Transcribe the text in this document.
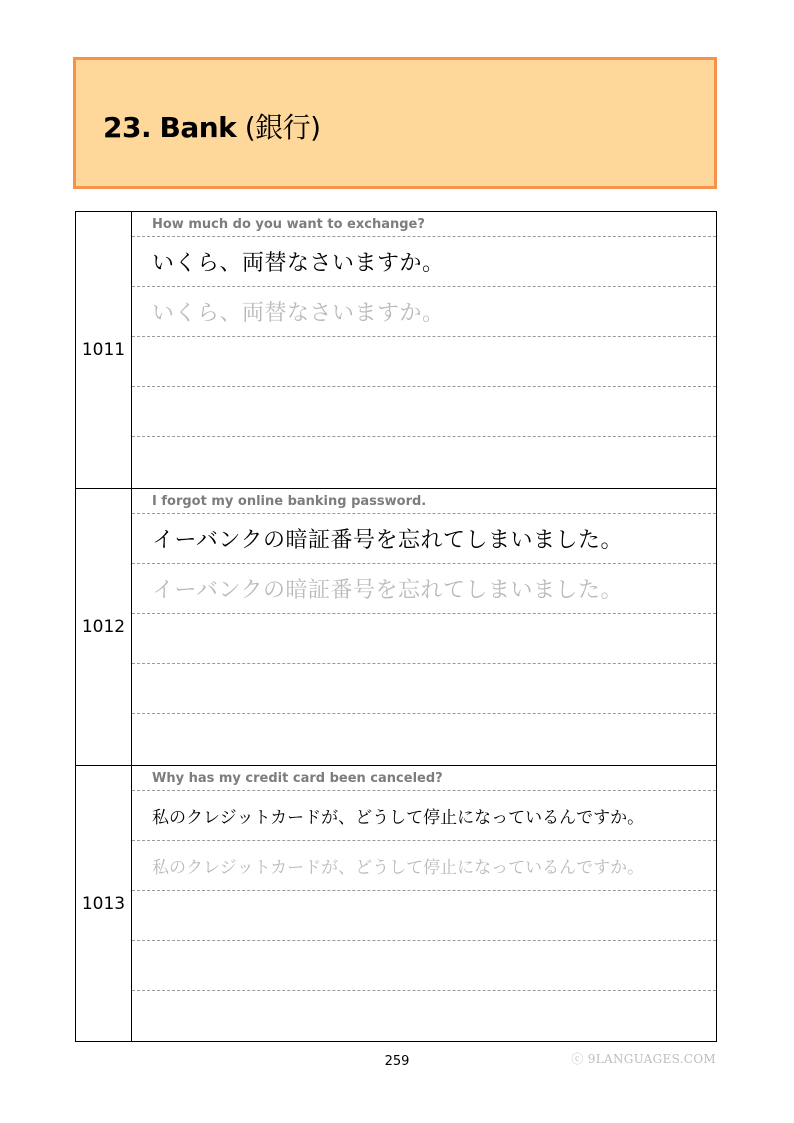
23. Bank (銀行)
1011
How much do you want to exchange?
いくら、両替なさいますか。
いくら、両替なさいますか。
1012
I forgot my online banking password.
イーバンクの暗証番号を忘れてしまいました。
イーバンクの暗証番号を忘れてしまいました。
1013
Why has my credit card been canceled?
私のクレジットカードが、どうして停止になっているんですか。
私のクレジットカードが、どうして停止になっているんですか。
259	ⓒ 9LANGUAGES.COM
